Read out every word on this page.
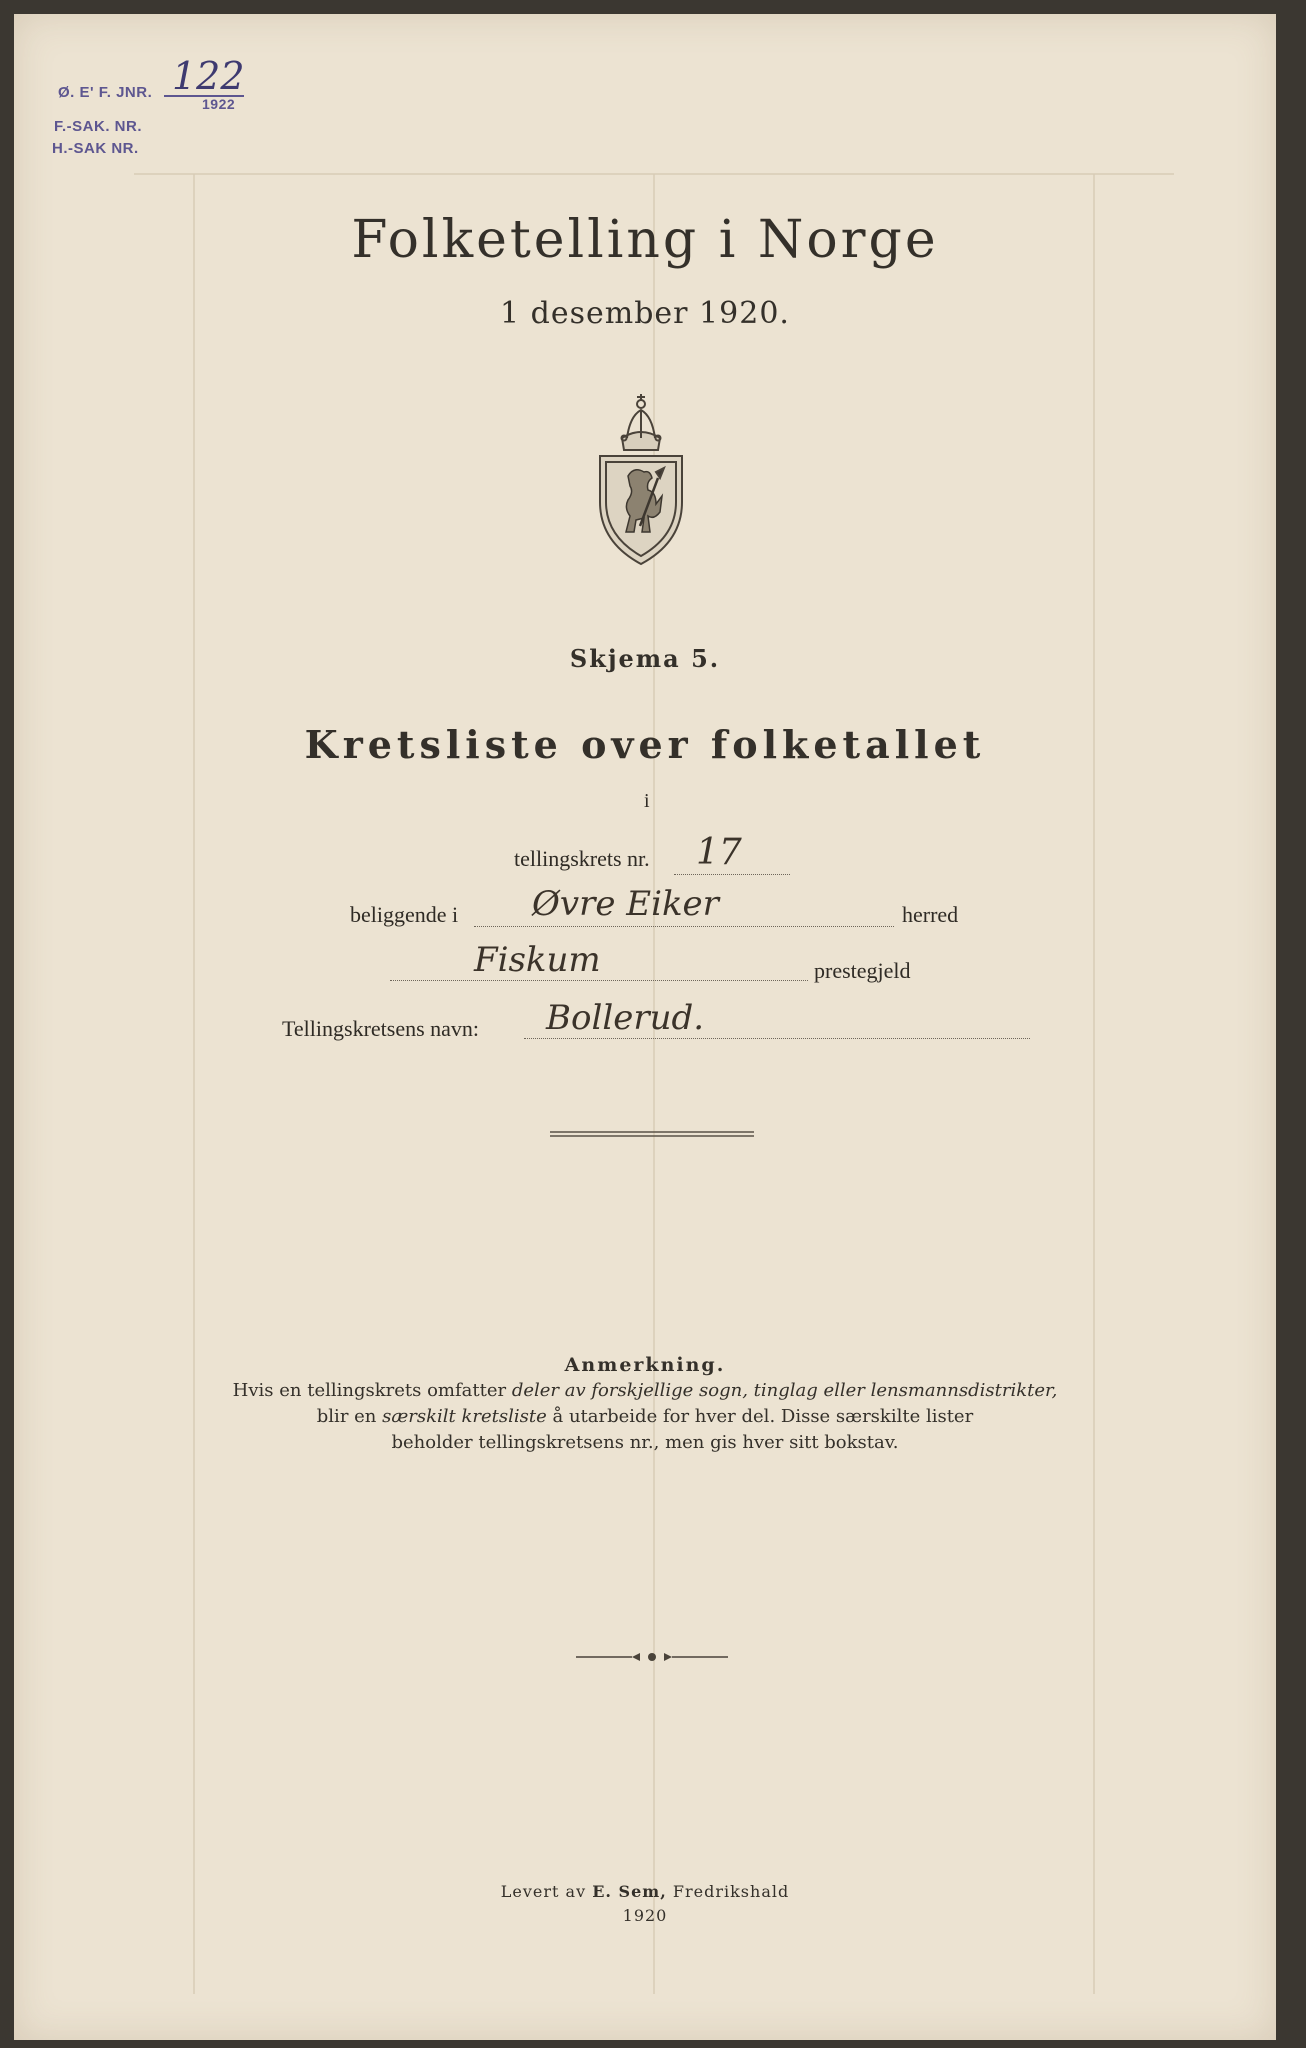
Ø. E' F. JNR. 122
1922
F.-SAK. NR.
H.-SAK NR.
Folketelling i Norge
1 desember 1920.
Skjema 5.
Kretsliste over folketallet
i
tellingskrets nr. 17
beliggende i Øvre Eiker	herred
Fiskum	prestegjeld
Tellingskretsens navn: Bollerud.
Anmerkning.
Hvis en tellingskrets omfatter deler av forskjellige sogn, tinglag eller lensmannsdistrikter,
blir en særskilt kretsliste å utarbeide for hver del. Disse særskilte lister
beholder tellingskretsens nr., men gis hver sitt bokstav.
Levert av E. Sem, Fredrikshald
1920
